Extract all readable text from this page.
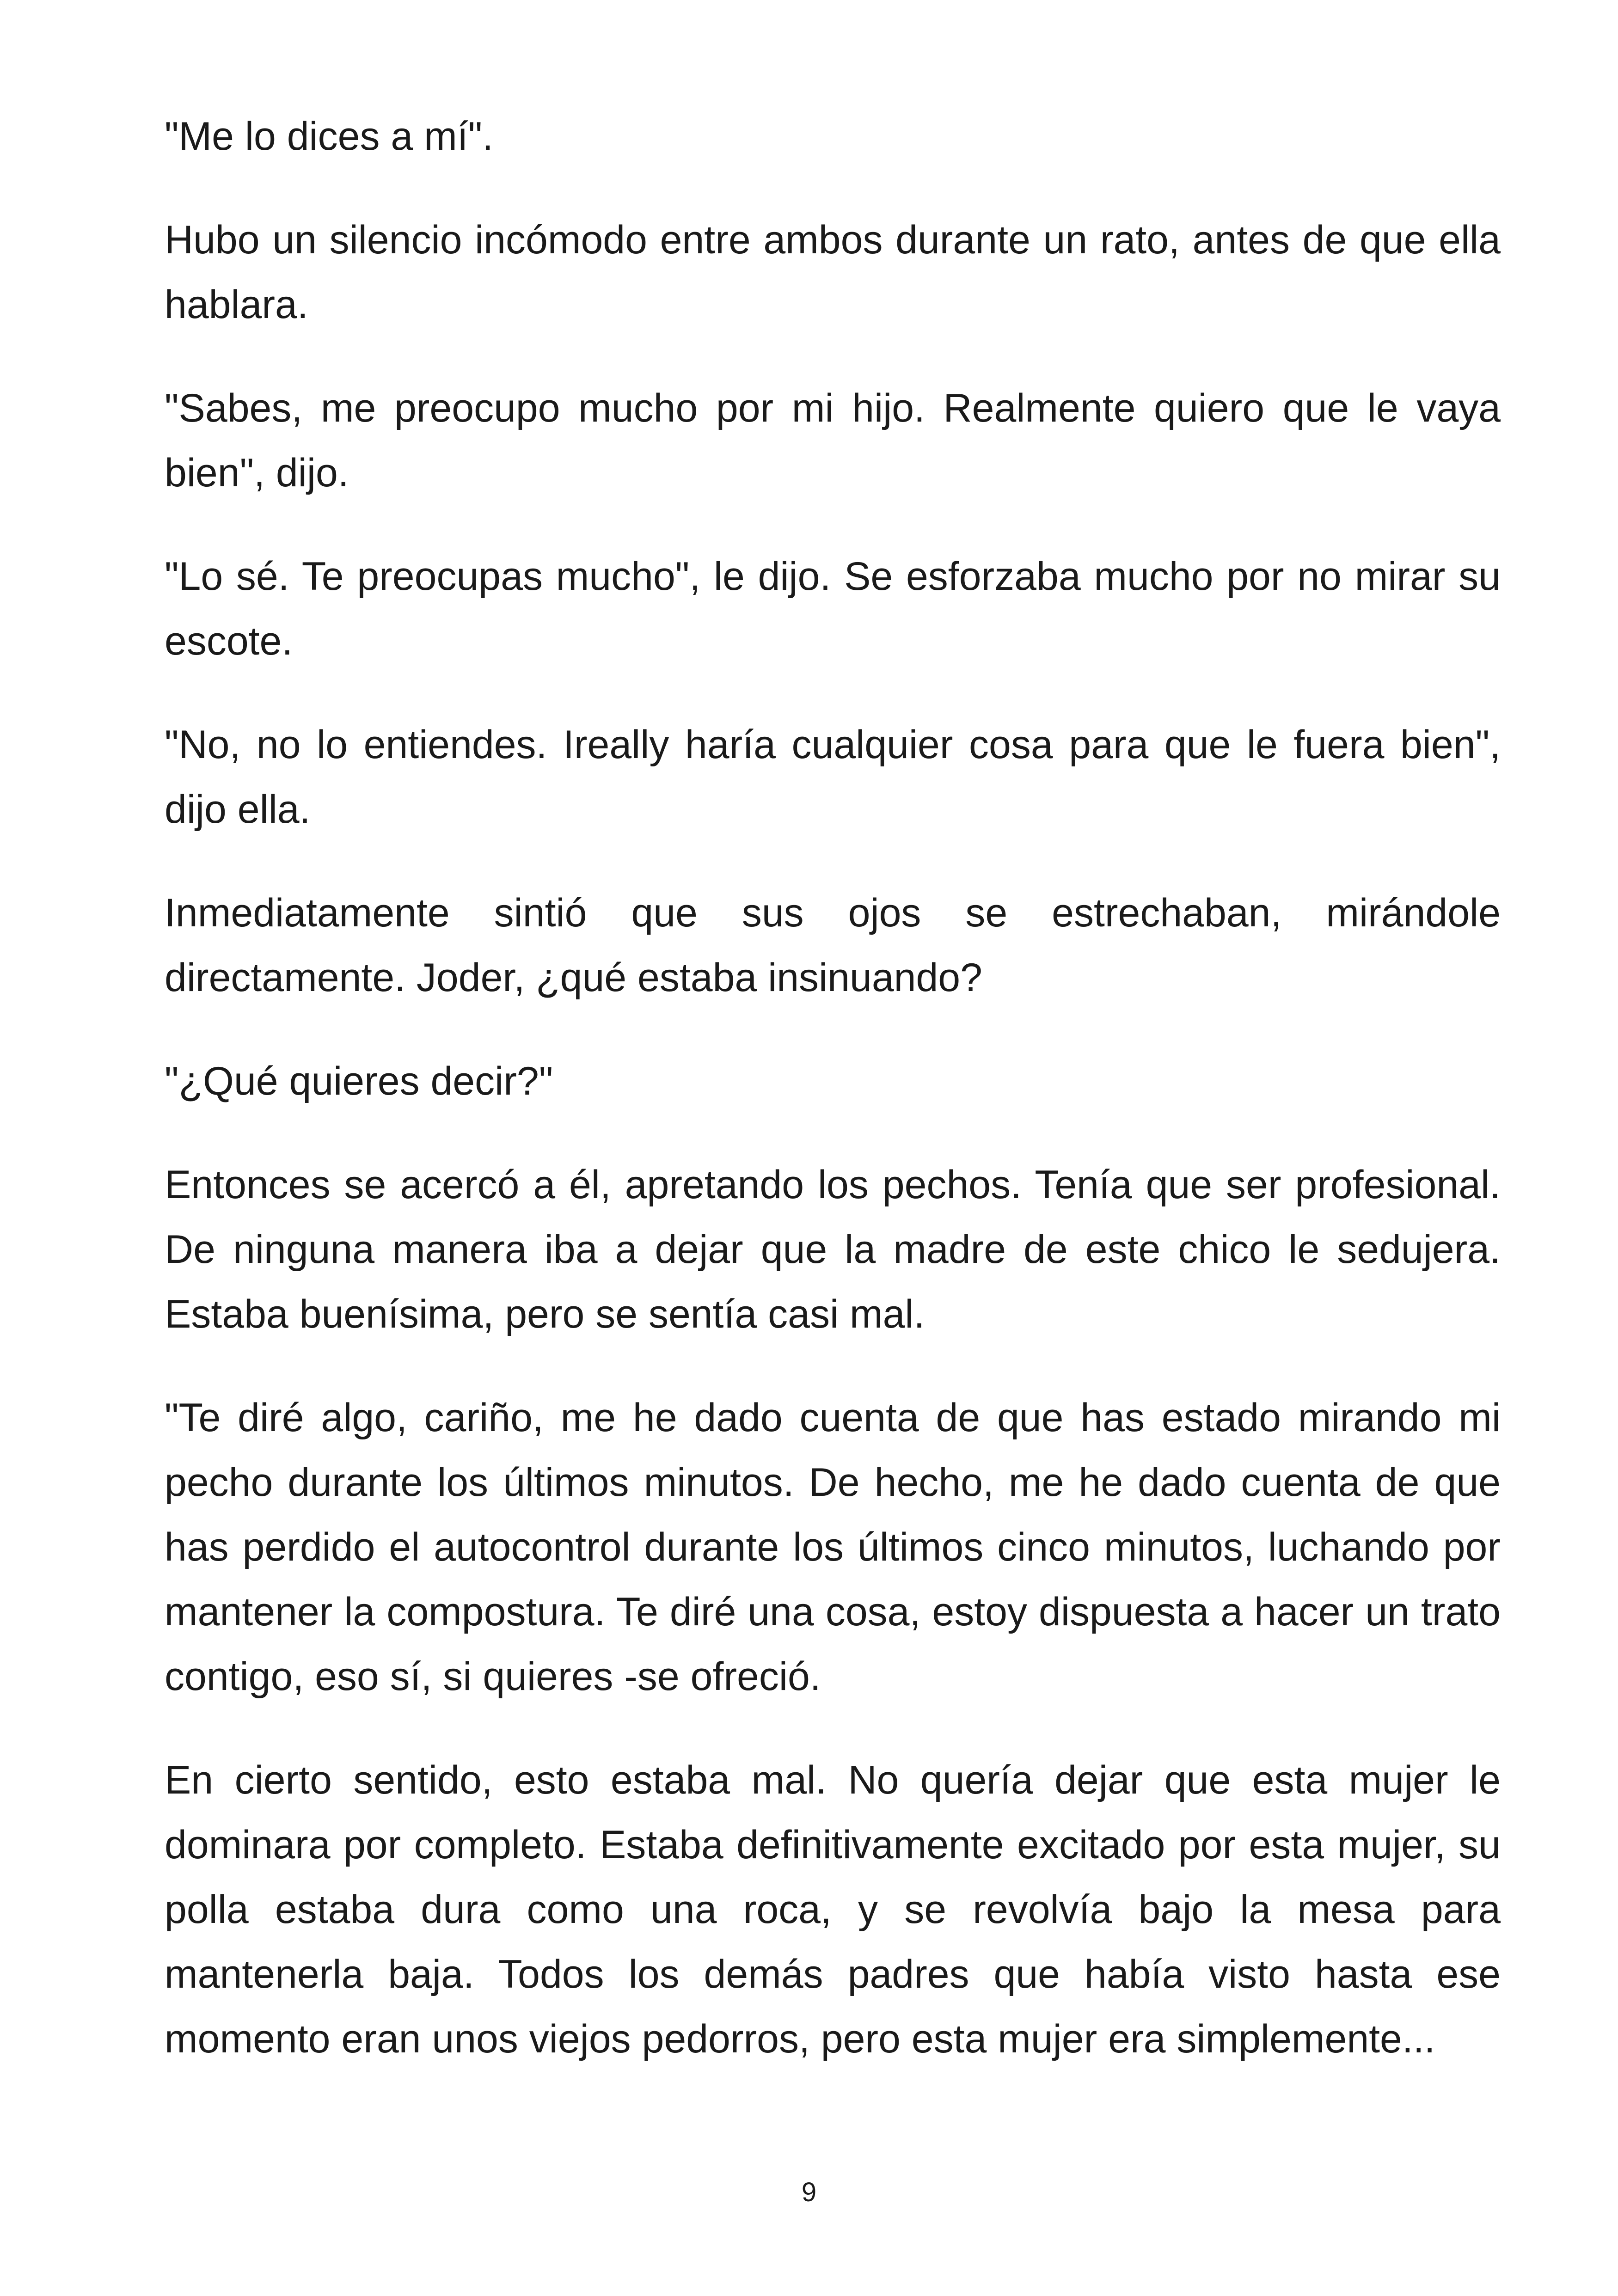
"Me lo dices a mí".

Hubo un silencio incómodo entre ambos durante un rato, antes de que ella hablara.

"Sabes, me preocupo mucho por mi hijo. Realmente quiero que le vaya bien", dijo.

"Lo sé. Te preocupas mucho", le dijo. Se esforzaba mucho por no mirar su escote.

"No, no lo entiendes. Ireally haría cualquier cosa para que le fuera bien", dijo ella.

Inmediatamente sintió que sus ojos se estrechaban, mirándole directamente. Joder, ¿qué estaba insinuando?

"¿Qué quieres decir?"

Entonces se acercó a él, apretando los pechos. Tenía que ser profesional. De ninguna manera iba a dejar que la madre de este chico le sedujera. Estaba buenísima, pero se sentía casi mal.

"Te diré algo, cariño, me he dado cuenta de que has estado mirando mi pecho durante los últimos minutos. De hecho, me he dado cuenta de que has perdido el autocontrol durante los últimos cinco minutos, luchando por mantener la compostura. Te diré una cosa, estoy dispuesta a hacer un trato contigo, eso sí, si quieres -se ofreció.

En cierto sentido, esto estaba mal. No quería dejar que esta mujer le dominara por completo. Estaba definitivamente excitado por esta mujer, su polla estaba dura como una roca, y se revolvía bajo la mesa para mantenerla baja. Todos los demás padres que había visto hasta ese momento eran unos viejos pedorros, pero esta mujer era simplemente...

9
